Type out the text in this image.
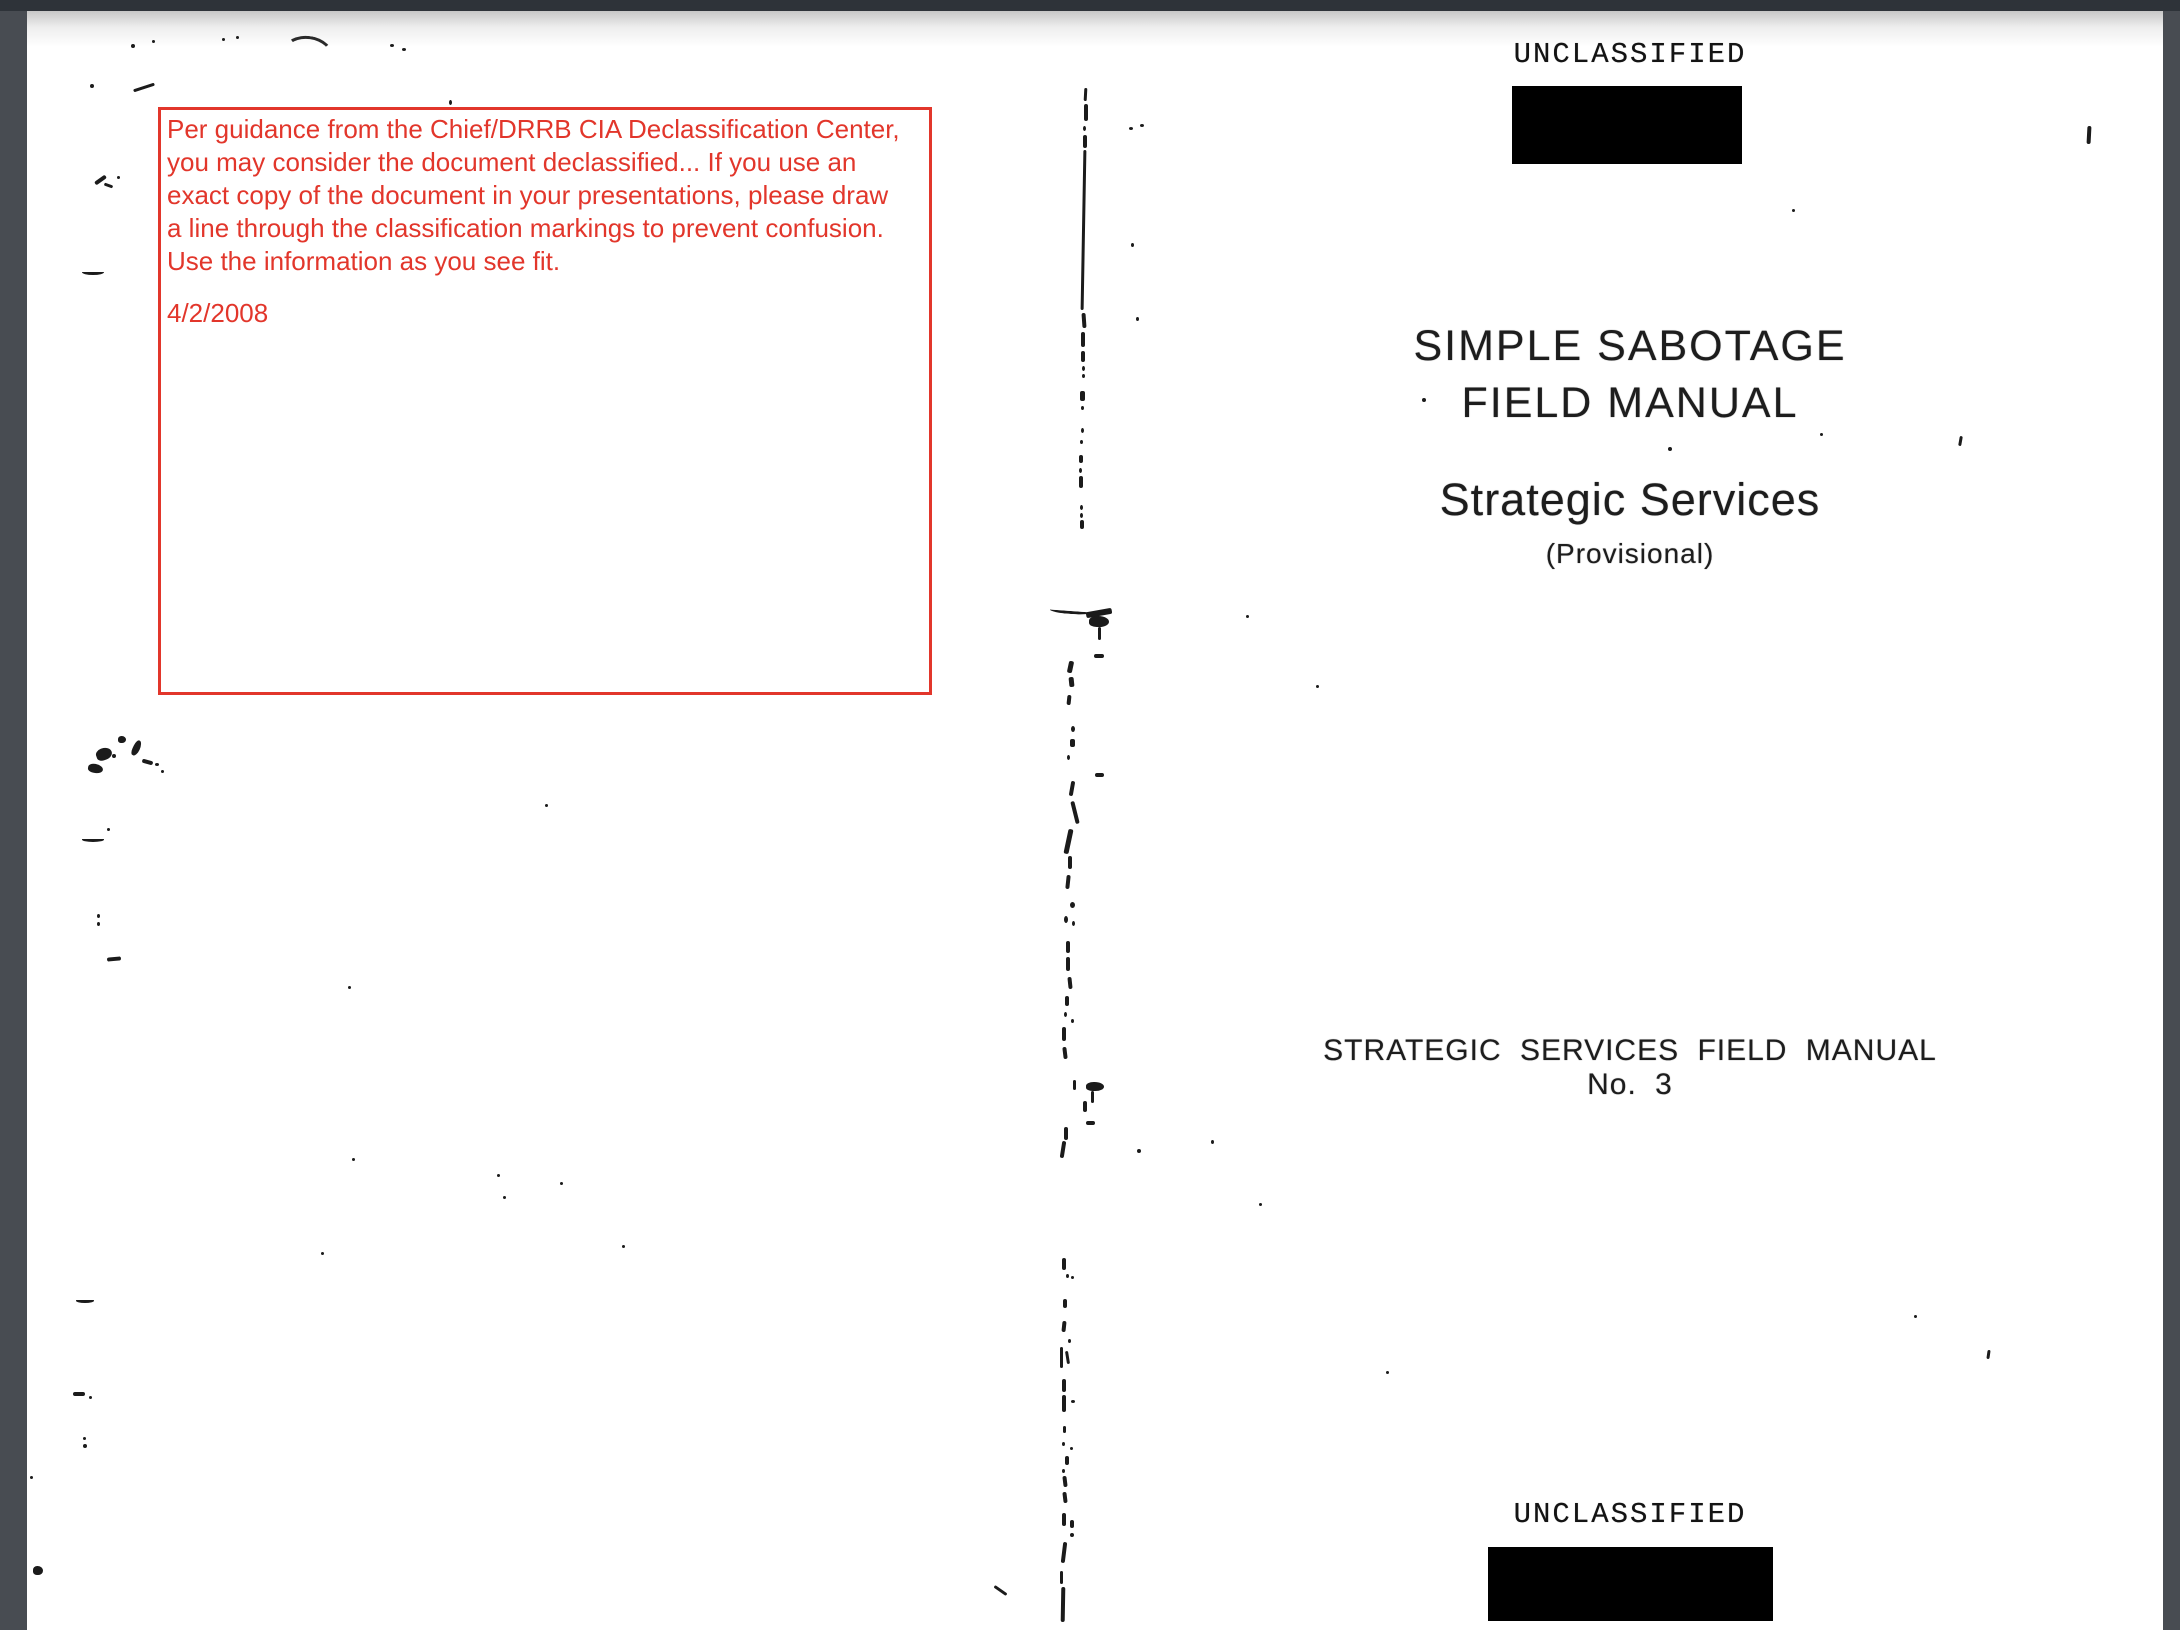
UNCLASSIFIED
SIMPLE SABOTAGE
FIELD MANUAL
Strategic Services
(Provisional)
STRATEGIC SERVICES FIELD MANUAL No. 3
UNCLASSIFIED
Per guidance from the Chief/DRRB CIA Declassification Center,
you may consider the document declassified... If you use an
exact copy of the document in your presentations, please draw
a line through the classification markings to prevent confusion.
Use the information as you see fit.
4/2/2008
